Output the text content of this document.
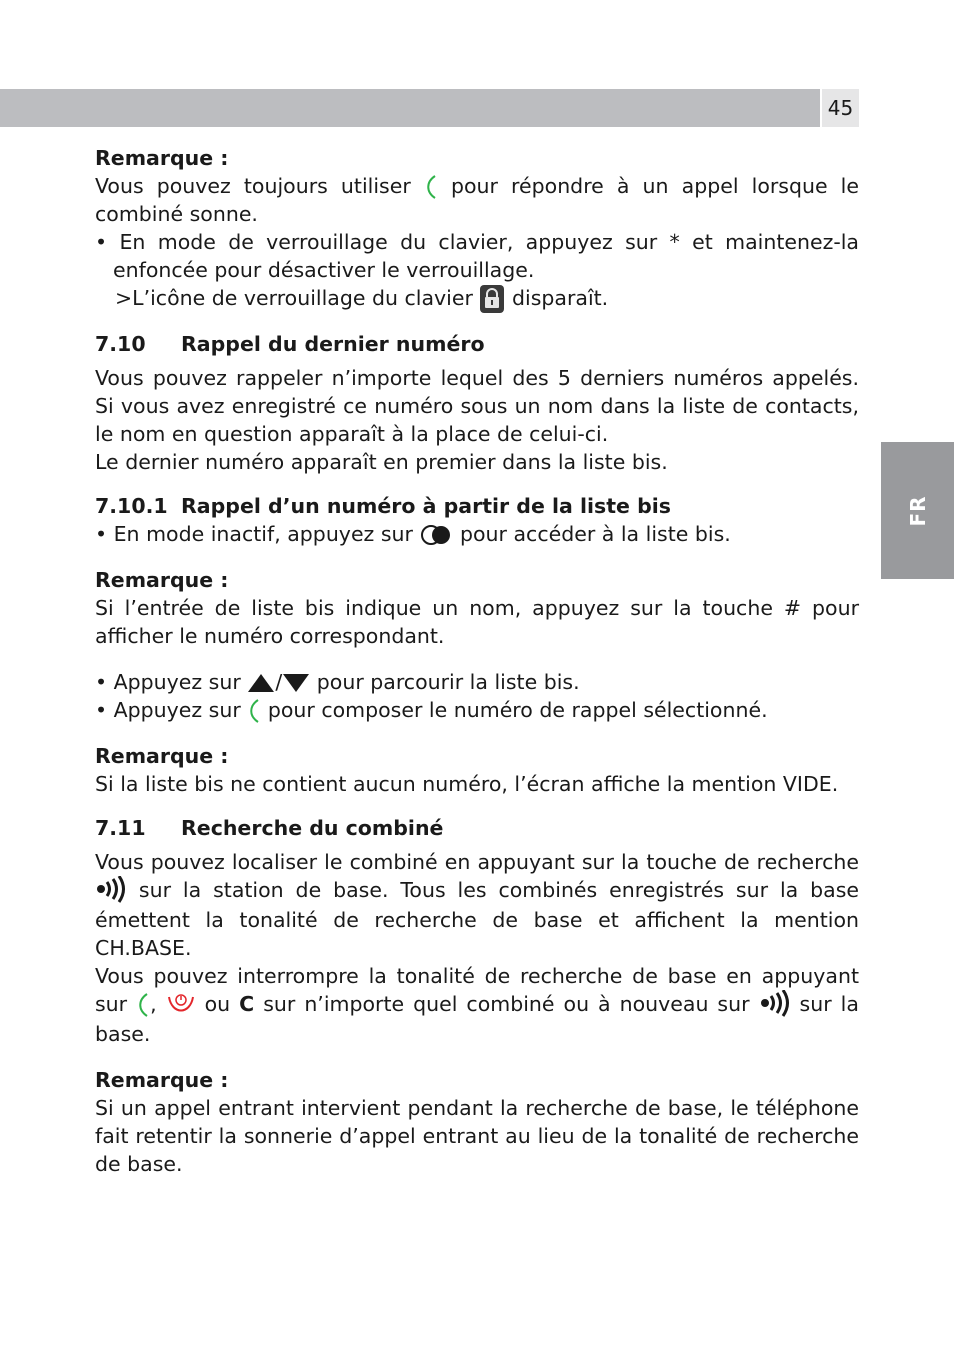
45
FR

Remarque :

Vous pouvez toujours utiliser pour répondre à un appel lorsque le combiné sonne.

• En mode de verrouillage du clavier, appuyez sur * et maintenez-la enfoncée pour désactiver le verrouillage.

>L’icône de verrouillage du clavier disparaît.

7.10	Rappel du dernier numéro

Vous pouvez rappeler n’importe lequel des 5 derniers numéros appelés. Si vous avez enregistré ce numéro sous un nom dans la liste de contacts, le nom en question apparaît à la place de celui-ci.

Le dernier numéro apparaît en premier dans la liste bis.

7.10.1 Rappel d’un numéro à partir de la liste bis

• En mode inactif, appuyez sur pour accéder à la liste bis.

Remarque :

Si l’entrée de liste bis indique un nom, appuyez sur la touche # pour afficher le numéro correspondant.

• Appuyez sur / pour parcourir la liste bis.

• Appuyez sur pour composer le numéro de rappel sélectionné.

Remarque :

Si la liste bis ne contient aucun numéro, l’écran affiche la mention VIDE.

7.11	Recherche du combiné

Vous pouvez localiser le combiné en appuyant sur la touche de recherche  sur la station de base. Tous les combinés enregistrés sur la base émettent la tonalité de recherche de base et affichent la mention CH.BASE.

Vous pouvez interrompre la tonalité de recherche de base en appuyant sur ,  ou C sur n’importe quel combiné ou à nouveau sur sur la base.

Remarque :

Si un appel entrant intervient pendant la recherche de base, le téléphone fait retentir la sonnerie d’appel entrant au lieu de la tonalité de recherche de base.
